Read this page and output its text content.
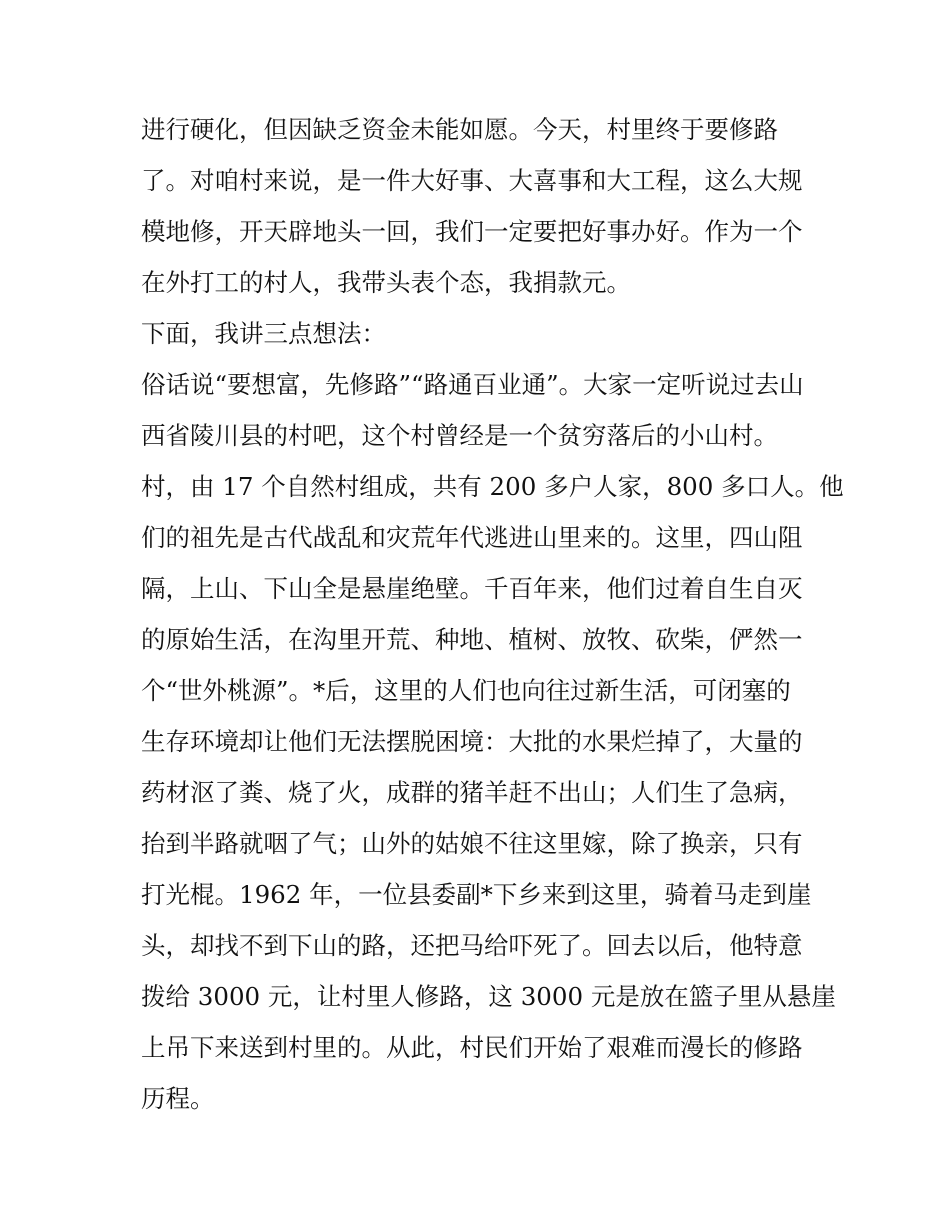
进行硬化，但因缺乏资金未能如愿。今天，村里终于要修路
了。对咱村来说，是一件大好事、大喜事和大工程，这么大规
模地修，开天辟地头一回，我们一定要把好事办好。作为一个
在外打工的村人，我带头表个态，我捐款元。
下面，我讲三点想法：
俗话说“要想富，先修路”“路通百业通”。大家一定听说过去山
西省陵川县的村吧，这个村曾经是一个贫穷落后的小山村。
村，由 17 个自然村组成，共有 200 多户人家，800 多口人。他
们的祖先是古代战乱和灾荒年代逃进山里来的。这里，四山阻
隔，上山、下山全是悬崖绝壁。千百年来，他们过着自生自灭
的原始生活，在沟里开荒、种地、植树、放牧、砍柴，俨然一
个“世外桃源”。*后，这里的人们也向往过新生活，可闭塞的
生存环境却让他们无法摆脱困境：大批的水果烂掉了，大量的
药材沤了粪、烧了火，成群的猪羊赶不出山；人们生了急病，
抬到半路就咽了气；山外的姑娘不往这里嫁，除了换亲，只有
打光棍。1962 年，一位县委副*下乡来到这里，骑着马走到崖
头，却找不到下山的路，还把马给吓死了。回去以后，他特意
拨给 3000 元，让村里人修路，这 3000 元是放在篮子里从悬崖
上吊下来送到村里的。从此，村民们开始了艰难而漫长的修路
历程。
